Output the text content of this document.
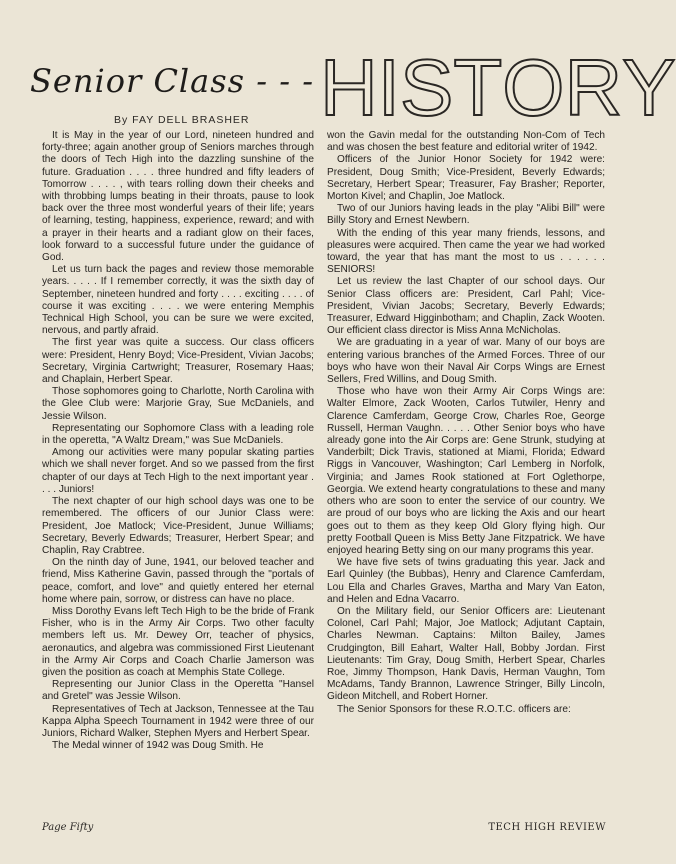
Senior Class - - - H I S T O R Y
By FAY DELL BRASHER

It is May in the year of our Lord, nineteen hundred and forty-three; again another group of Seniors marches through the doors of Tech High into the dazzling sunshine of the future. Graduation . . . . three hundred and fifty leaders of Tomorrow . . . . , with tears rolling down their cheeks and with throbbing lumps beating in their throats, pause to look back over the three most wonderful years of their life; years of learning, testing, happiness, experience, reward; and with a prayer in their hearts and a radiant glow on their faces, look forward to a successful future under the guidance of God.

Let us turn back the pages and review those memorable years. . . . . If I remember correctly, it was the sixth day of September, nineteen hundred and forty . . . . exciting . . . . of course it was exciting . . . . we were entering Memphis Technical High School, you can be sure we were excited, nervous, and partly afraid.

The first year was quite a success. Our class officers were: President, Henry Boyd; Vice-President, Vivian Jacobs; Secretary, Virginia Cartwright; Treasurer, Rosemary Haas; and Chaplain, Herbert Spear.

Those sophomores going to Charlotte, North Carolina with the Glee Club were: Marjorie Gray, Sue McDaniels, and Jessie Wilson.

Representating our Sophomore Class with a leading role in the operetta, "A Waltz Dream," was Sue McDaniels.

Among our activities were many popular skating parties which we shall never forget. And so we passed from the first chapter of our days at Tech High to the next important year . . . . Juniors!

The next chapter of our high school days was one to be remembered. The officers of our Junior Class were: President, Joe Matlock; Vice-President, Junue Williams; Secretary, Beverly Edwards; Treasurer, Herbert Spear; and Chaplin, Ray Crabtree.

On the ninth day of June, 1941, our beloved teacher and friend, Miss Katherine Gavin, passed through the "portals of peace, comfort, and love" and quietly entered her eternal home where pain, sorrow, or distress can have no place.

Miss Dorothy Evans left Tech High to be the bride of Frank Fisher, who is in the Army Air Corps. Two other faculty members left us. Mr. Dewey Orr, teacher of physics, aeronautics, and algebra was commissioned First Lieutenant in the Army Air Corps and Coach Charlie Jamerson was given the position as coach at Memphis State College.

Representing our Junior Class in the Operetta "Hansel and Gretel" was Jessie Wilson.

Representatives of Tech at Jackson, Tennessee at the Tau Kappa Alpha Speech Tournament in 1942 were three of our Juniors, Richard Walker, Stephen Myers and Herbert Spear.

The Medal winner of 1942 was Doug Smith. He

won the Gavin medal for the outstanding Non-Com of Tech and was chosen the best feature and editorial writer of 1942.

Officers of the Junior Honor Society for 1942 were: President, Doug Smith; Vice-President, Beverly Edwards; Secretary, Herbert Spear; Treasurer, Fay Brasher; Reporter, Morton Kivel; and Chaplin, Joe Matlock.

Two of our Juniors having leads in the play "Alibi Bill" were Billy Story and Ernest Newbern.

With the ending of this year many friends, lessons, and pleasures were acquired. Then came the year we had worked toward, the year that has mant the most to us . . . . . . SENIORS!

Let us review the last Chapter of our school days. Our Senior Class officers are: President, Carl Pahl; Vice-President, Vivian Jacobs; Secretary, Beverly Edwards; Treasurer, Edward Higginbotham; and Chaplin, Zack Wooten. Our efficient class director is Miss Anna McNicholas.

We are graduating in a year of war. Many of our boys are entering various branches of the Armed Forces. Three of our boys who have won their Naval Air Corps Wings are Ernest Sellers, Fred Willins, and Doug Smith.

Those who have won their Army Air Corps Wings are: Walter Elmore, Zack Wooten, Carlos Tutwiler, Henry and Clarence Camferdam, George Crow, Charles Roe, George Russell, Herman Vaughn. . . . . Other Senior boys who have already gone into the Air Corps are: Gene Strunk, studying at Vanderbilt; Dick Travis, stationed at Miami, Florida; Edward Riggs in Vancouver, Washington; Carl Lemberg in Norfolk, Virginia; and James Rook stationed at Fort Oglethorpe, Georgia. We extend hearty congratulations to these and many others who are soon to enter the service of our country. We are proud of our boys who are licking the Axis and our heart goes out to them as they keep Old Glory flying high. Our pretty Football Queen is Miss Betty Jane Fitzpatrick. We have enjoyed hearing Betty sing on our many programs this year.

We have five sets of twins graduating this year. Jack and Earl Quinley (the Bubbas), Henry and Clarence Camferdam, Lou Ella and Charles Graves, Martha and Mary Van Eaton, and Helen and Edna Vacarro.

On the Military field, our Senior Officers are: Lieutenant Colonel, Carl Pahl; Major, Joe Matlock; Adjutant Captain, Charles Newman. Captains: Milton Bailey, James Crudgington, Bill Eahart, Walter Hall, Bobby Jordan. First Lieutenants: Tim Gray, Doug Smith, Herbert Spear, Charles Roe, Jimmy Thompson, Hank Davis, Herman Vaughn, Tom McAdams, Tandy Brannon, Lawrence Stringer, Billy Lincoln, Gideon Mitchell, and Robert Horner.

The Senior Sponsors for these R.O.T.C. officers are:

Page Fifty	TECH HIGH REVIEW
